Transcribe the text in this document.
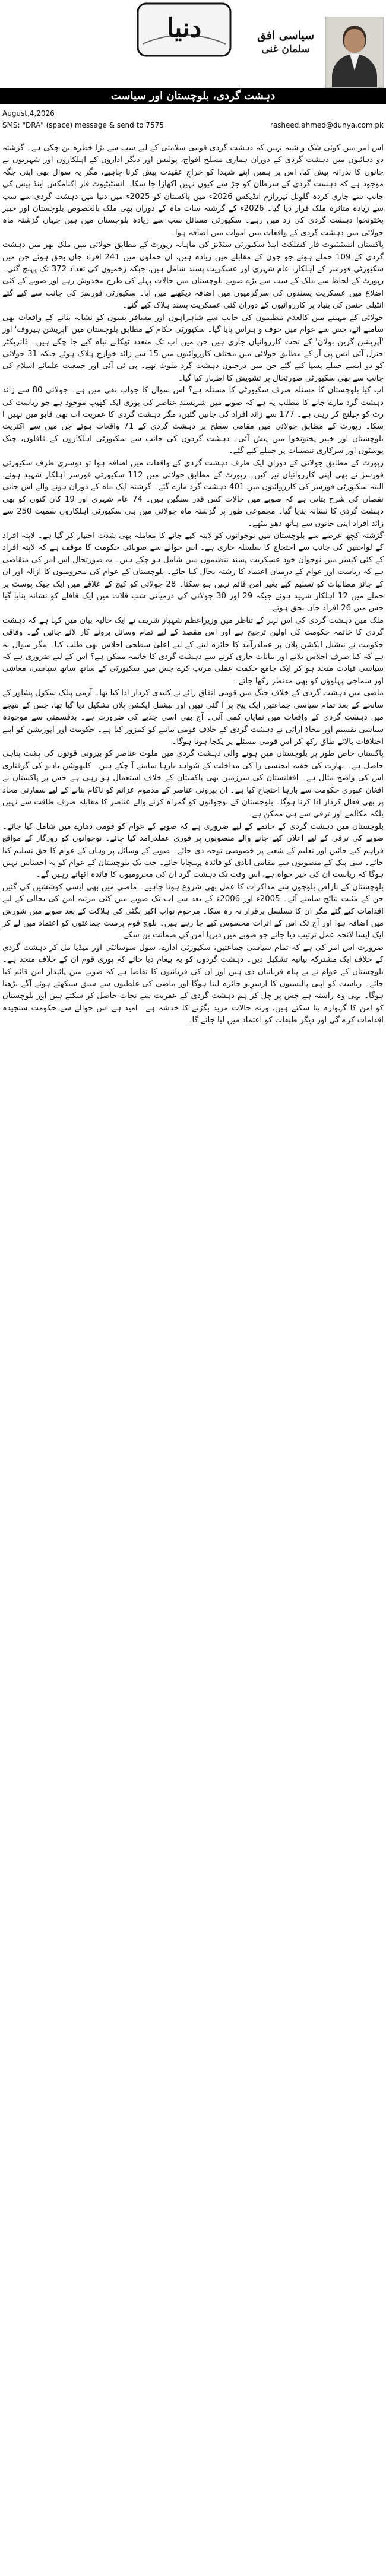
دنیا	سیاسی افق
سلمان غنی
دہشت گردی، بلوچستان اور سیاست
August,4,2026
SMS: "DRA" (space) message & send to 7575	rasheed.ahmed@dunya.com.pk

اس امر میں کوئی شک و شبہ نہیں کہ دہشت گردی قومی سلامتی کے لیے سب سے بڑا خطرہ بن چکی ہے۔ گزشتہ دو دہائیوں میں دہشت گردی کے دوران ہماری مسلح افواج، پولیس اور دیگر اداروں کے اہلکاروں اور شہریوں نے جانوں کا نذرانہ پیش کیا، اس پر ہمیں اپنے شہدا کو خراجِ عقیدت پیش کرنا چاہیے، مگر یہ سوال بھی اپنی جگہ موجود ہے کہ دہشت گردی کے سرطان کو جڑ سے کیوں نہیں اکھاڑا جا سکا۔ انسٹیٹیوٹ فار اکنامکس اینڈ پیس کی جانب سے جاری کردہ گلوبل ٹیررازم انڈیکس 2026ء میں پاکستان کو 2025ء میں دنیا میں دہشت گردی سے سب سے زیادہ متاثرہ ملک قرار دیا گیا۔ 2026ء کے گزشتہ سات ماہ کے دوران بھی ملک بالخصوص بلوچستان اور خیبر پختونخوا دہشت گردی کی زد میں رہے۔ سکیورٹی مسائل سب سے زیادہ بلوچستان میں ہیں جہاں گزشتہ ماہ جولائی میں دہشت گردی کے واقعات میں اموات میں اضافہ ہوا۔

پاکستان انسٹیٹیوٹ فار کنفلکٹ اینڈ سکیورٹی سٹڈیز کی ماہانہ رپورٹ کے مطابق جولائی میں ملک بھر میں دہشت گردی کے 109 حملے ہوئے جو جون کے مقابلے میں زیادہ ہیں، ان حملوں میں 241 افراد جاں بحق ہوئے جن میں سکیورٹی فورسز کے اہلکار، عام شہری اور عسکریت پسند شامل ہیں، جبکہ زخمیوں کی تعداد 372 تک پہنچ گئی۔ رپورٹ کے لحاظ سے ملک کے سب سے بڑے صوبے بلوچستان میں حالات پہلے کی طرح مخدوش رہے اور صوبے کے کئی اضلاع میں عسکریت پسندوں کی سرگرمیوں میں اضافہ دیکھنے میں آیا۔ سکیورٹی فورسز کی جانب سے کیے گئے انٹیلی جنس کی بنیاد پر کارروائیوں کے دوران کئی عسکریت پسند ہلاک کیے گئے۔

جولائی کے مہینے میں کالعدم تنظیموں کی جانب سے شاہراہوں اور مسافر بسوں کو نشانہ بنانے کے واقعات بھی سامنے آئے، جس سے عوام میں خوف و ہراس پایا گیا۔ سکیورٹی حکام کے مطابق بلوچستان میں 'آپریشن ہیروف' اور 'آپریشن گرین بولان' کے تحت کارروائیاں جاری ہیں جن میں اب تک متعدد ٹھکانے تباہ کیے جا چکے ہیں۔ ڈائریکٹر جنرل آئی ایس پی آر کے مطابق جولائی میں مختلف کارروائیوں میں 15 سے زائد خوارج ہلاک ہوئے جبکہ 31 جولائی کو دو ایسے حملے پسپا کیے گئے جن میں درجنوں دہشت گرد ملوث تھے۔ پی ٹی آئی اور جمعیت علمائے اسلام کی جانب سے بھی سکیورٹی صورتحال پر تشویش کا اظہار کیا گیا۔

اب کیا بلوچستان کا مسئلہ صرف سکیورٹی کا مسئلہ ہے؟ اس سوال کا جواب نفی میں ہے۔ جولائی 80 سے زائد دہشت گرد مارے جانے کا مطلب یہ ہے کہ صوبے میں شرپسند عناصر کی پوری ایک کھیپ موجود ہے جو ریاست کی رٹ کو چیلنج کر رہی ہے۔ 177 سے زائد افراد کی جانیں گئیں، مگر دہشت گردی کا عفریت اب بھی قابو میں نہیں آ سکا۔ رپورٹ کے مطابق جولائی میں مقامی سطح پر دہشت گردی کے 71 واقعات ہوئے جن میں سے اکثریت بلوچستان اور خیبر پختونخوا میں پیش آئی۔ دہشت گردوں کی جانب سے سکیورٹی اہلکاروں کے قافلوں، چیک پوسٹوں اور سرکاری تنصیبات پر حملے کیے گئے۔

رپورٹ کے مطابق جولائی کے دوران ایک طرف دہشت گردی کے واقعات میں اضافہ ہوا تو دوسری طرف سکیورٹی فورسز نے بھی اپنی کارروائیاں تیز کیں۔ رپورٹ کے مطابق جولائی میں 112 سکیورٹی فورسز اہلکار شہید ہوئے، البتہ سکیورٹی فورسز کی کارروائیوں میں 401 دہشت گرد مارے گئے۔ گزشتہ ایک ماہ کے دوران ہونے والے اس جانی نقصان کی شرح بتاتی ہے کہ صوبے میں حالات کس قدر سنگین ہیں۔ 74 عام شہری اور 19 کان کنوں کو بھی دہشت گردی کا نشانہ بنایا گیا۔ مجموعی طور پر گزشتہ ماہ جولائی میں ہی سکیورٹی اہلکاروں سمیت 250 سے زائد افراد اپنی جانوں سے ہاتھ دھو بیٹھے۔

گزشتہ کچھ عرصے سے بلوچستان میں نوجوانوں کو لاپتہ کیے جانے کا معاملہ بھی شدت اختیار کر گیا ہے۔ لاپتہ افراد کے لواحقین کی جانب سے احتجاج کا سلسلہ جاری ہے۔ اس حوالے سے صوبائی حکومت کا موقف ہے کہ لاپتہ افراد کے کئی کیسز میں نوجوان خود عسکریت پسند تنظیموں میں شامل ہو چکے ہیں۔ یہ صورتحال اس امر کی متقاضی ہے کہ ریاست اور عوام کے درمیان اعتماد کا رشتہ بحال کیا جائے۔ بلوچستان کے عوام کی محرومیوں کا ازالہ اور ان کے جائز مطالبات کو تسلیم کیے بغیر امن قائم نہیں ہو سکتا۔ 28 جولائی کو کیچ کے علاقے میں ایک چیک پوسٹ پر حملے میں 12 اہلکار شہید ہوئے جبکہ 29 اور 30 جولائی کی درمیانی شب قلات میں ایک قافلے کو نشانہ بنایا گیا جس میں 26 افراد جاں بحق ہوئے۔

ملک میں دہشت گردی کی اس لہر کے تناظر میں وزیراعظم شہباز شریف نے ایک حالیہ بیان میں کہا ہے کہ دہشت گردی کا خاتمہ حکومت کی اولین ترجیح ہے اور اس مقصد کے لیے تمام وسائل بروئے کار لائے جائیں گے۔ وفاقی حکومت نے نیشنل ایکشن پلان پر عملدرآمد کا جائزہ لینے کے لیے اعلیٰ سطحی اجلاس بھی طلب کیا۔ مگر سوال یہ ہے کہ کیا صرف اجلاس بلانے اور بیانات جاری کرنے سے دہشت گردی کا خاتمہ ممکن ہے؟ اس کے لیے ضروری ہے کہ سیاسی قیادت متحد ہو کر ایک جامع حکمت عملی مرتب کرے جس میں سکیورٹی کے ساتھ ساتھ سیاسی، معاشی اور سماجی پہلوؤں کو بھی مدنظر رکھا جائے۔

ماضی میں دہشت گردی کے خلاف جنگ میں قومی اتفاقِ رائے نے کلیدی کردار ادا کیا تھا۔ آرمی پبلک سکول پشاور کے سانحے کے بعد تمام سیاسی جماعتیں ایک پیج پر آ گئی تھیں اور نیشنل ایکشن پلان تشکیل دیا گیا تھا، جس کے نتیجے میں دہشت گردی کے واقعات میں نمایاں کمی آئی۔ آج بھی اسی جذبے کی ضرورت ہے۔ بدقسمتی سے موجودہ سیاسی تقسیم اور محاذ آرائی نے دہشت گردی کے خلاف قومی بیانیے کو کمزور کیا ہے۔ حکومت اور اپوزیشن کو اپنے اختلافات بالائے طاق رکھ کر اس قومی مسئلے پر یکجا ہونا ہوگا۔

پاکستان خاص طور پر بلوچستان میں ہونے والی دہشت گردی میں ملوث عناصر کو بیرونی قوتوں کی پشت پناہی حاصل ہے۔ بھارت کی خفیہ ایجنسی را کی مداخلت کے شواہد بارہا سامنے آ چکے ہیں۔ کلبھوشن یادیو کی گرفتاری اس کی واضح مثال ہے۔ افغانستان کی سرزمین بھی پاکستان کے خلاف استعمال ہو رہی ہے جس پر پاکستان نے افغان عبوری حکومت سے بارہا احتجاج کیا ہے۔ ان بیرونی عناصر کے مذموم عزائم کو ناکام بنانے کے لیے سفارتی محاذ پر بھی فعال کردار ادا کرنا ہوگا۔ بلوچستان کے نوجوانوں کو گمراہ کرنے والے عناصر کا مقابلہ صرف طاقت سے نہیں بلکہ مکالمے اور ترقی سے ہی ممکن ہے۔

بلوچستان میں دہشت گردی کے خاتمے کے لیے ضروری ہے کہ صوبے کے عوام کو قومی دھارے میں شامل کیا جائے۔ صوبے کی ترقی کے لیے اعلان کیے جانے والے منصوبوں پر فوری عملدرآمد کیا جائے۔ نوجوانوں کو روزگار کے مواقع فراہم کیے جائیں اور تعلیم کے شعبے پر خصوصی توجہ دی جائے۔ صوبے کے وسائل پر وہاں کے عوام کا حق تسلیم کیا جائے۔ سی پیک کے منصوبوں سے مقامی آبادی کو فائدہ پہنچایا جائے۔ جب تک بلوچستان کے عوام کو یہ احساس نہیں ہوگا کہ ریاست ان کی خیر خواہ ہے، اس وقت تک دہشت گرد ان کی محرومیوں کا فائدہ اٹھاتے رہیں گے۔

بلوچستان کے ناراض بلوچوں سے مذاکرات کا عمل بھی شروع ہونا چاہیے۔ ماضی میں بھی ایسی کوششیں کی گئیں جن کے مثبت نتائج سامنے آئے۔ 2005ء اور 2006ء کے بعد سے اب تک صوبے میں کئی مرتبہ امن کی بحالی کے لیے اقدامات کیے گئے مگر ان کا تسلسل برقرار نہ رہ سکا۔ مرحوم نواب اکبر بگٹی کی ہلاکت کے بعد صوبے میں شورش میں اضافہ ہوا اور آج تک اس کے اثرات محسوس کیے جا رہے ہیں۔ بلوچ قوم پرست جماعتوں کو اعتماد میں لے کر ایک ایسا لائحہ عمل ترتیب دیا جائے جو صوبے میں دیرپا امن کی ضمانت بن سکے۔

ضرورت اس امر کی ہے کہ تمام سیاسی جماعتیں، سکیورٹی ادارے، سول سوسائٹی اور میڈیا مل کر دہشت گردی کے خلاف ایک مشترکہ بیانیہ تشکیل دیں۔ دہشت گردوں کو یہ پیغام دیا جائے کہ پوری قوم ان کے خلاف متحد ہے۔ بلوچستان کے عوام نے بے پناہ قربانیاں دی ہیں اور ان کی قربانیوں کا تقاضا ہے کہ صوبے میں پائیدار امن قائم کیا جائے۔ ریاست کو اپنی پالیسیوں کا ازسرِنو جائزہ لینا ہوگا اور ماضی کی غلطیوں سے سبق سیکھتے ہوئے آگے بڑھنا ہوگا۔ یہی وہ راستہ ہے جس پر چل کر ہم دہشت گردی کے عفریت سے نجات حاصل کر سکتے ہیں اور بلوچستان کو امن کا گہوارہ بنا سکتے ہیں، ورنہ حالات مزید بگڑنے کا خدشہ ہے۔ امید ہے اس حوالے سے حکومت سنجیدہ اقدامات کرے گی اور دیگر طبقات کو اعتماد میں لیا جائے گا۔
